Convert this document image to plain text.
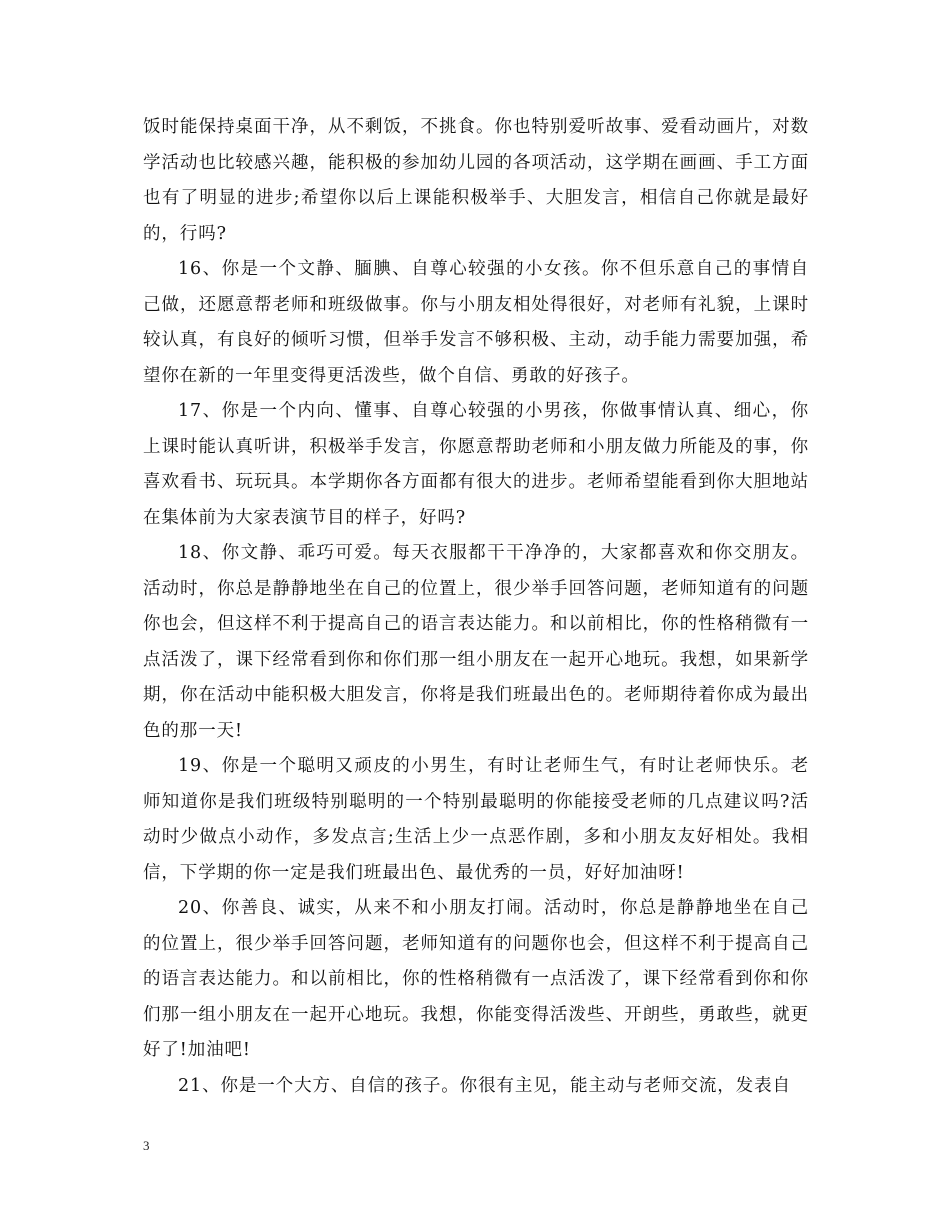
饭时能保持桌面干净，从不剩饭，不挑食。你也特别爱听故事、爱看动画片，对数学活动也比较感兴趣，能积极的参加幼儿园的各项活动，这学期在画画、手工方面也有了明显的进步;希望你以后上课能积极举手、大胆发言，相信自己你就是最好的，行吗?

16、你是一个文静、腼腆、自尊心较强的小女孩。你不但乐意自己的事情自己做，还愿意帮老师和班级做事。你与小朋友相处得很好，对老师有礼貌，上课时较认真，有良好的倾听习惯，但举手发言不够积极、主动，动手能力需要加强，希望你在新的一年里变得更活泼些，做个自信、勇敢的好孩子。

17、你是一个内向、懂事、自尊心较强的小男孩，你做事情认真、细心，你上课时能认真听讲，积极举手发言，你愿意帮助老师和小朋友做力所能及的事，你喜欢看书、玩玩具。本学期你各方面都有很大的进步。老师希望能看到你大胆地站在集体前为大家表演节目的样子，好吗?

18、你文静、乖巧可爱。每天衣服都干干净净的，大家都喜欢和你交朋友。活动时，你总是静静地坐在自己的位置上，很少举手回答问题，老师知道有的问题你也会，但这样不利于提高自己的语言表达能力。和以前相比，你的性格稍微有一点活泼了，课下经常看到你和你们那一组小朋友在一起开心地玩。我想，如果新学期，你在活动中能积极大胆发言，你将是我们班最出色的。老师期待着你成为最出色的那一天!

19、你是一个聪明又顽皮的小男生，有时让老师生气，有时让老师快乐。老师知道你是我们班级特别聪明的一个特别最聪明的你能接受老师的几点建议吗?活动时少做点小动作，多发点言;生活上少一点恶作剧，多和小朋友友好相处。我相信，下学期的你一定是我们班最出色、最优秀的一员，好好加油呀!

20、你善良、诚实，从来不和小朋友打闹。活动时，你总是静静地坐在自己的位置上，很少举手回答问题，老师知道有的问题你也会，但这样不利于提高自己的语言表达能力。和以前相比，你的性格稍微有一点活泼了，课下经常看到你和你们那一组小朋友在一起开心地玩。我想，你能变得活泼些、开朗些，勇敢些，就更好了!加油吧!

21、你是一个大方、自信的孩子。你很有主见，能主动与老师交流，发表自

3
